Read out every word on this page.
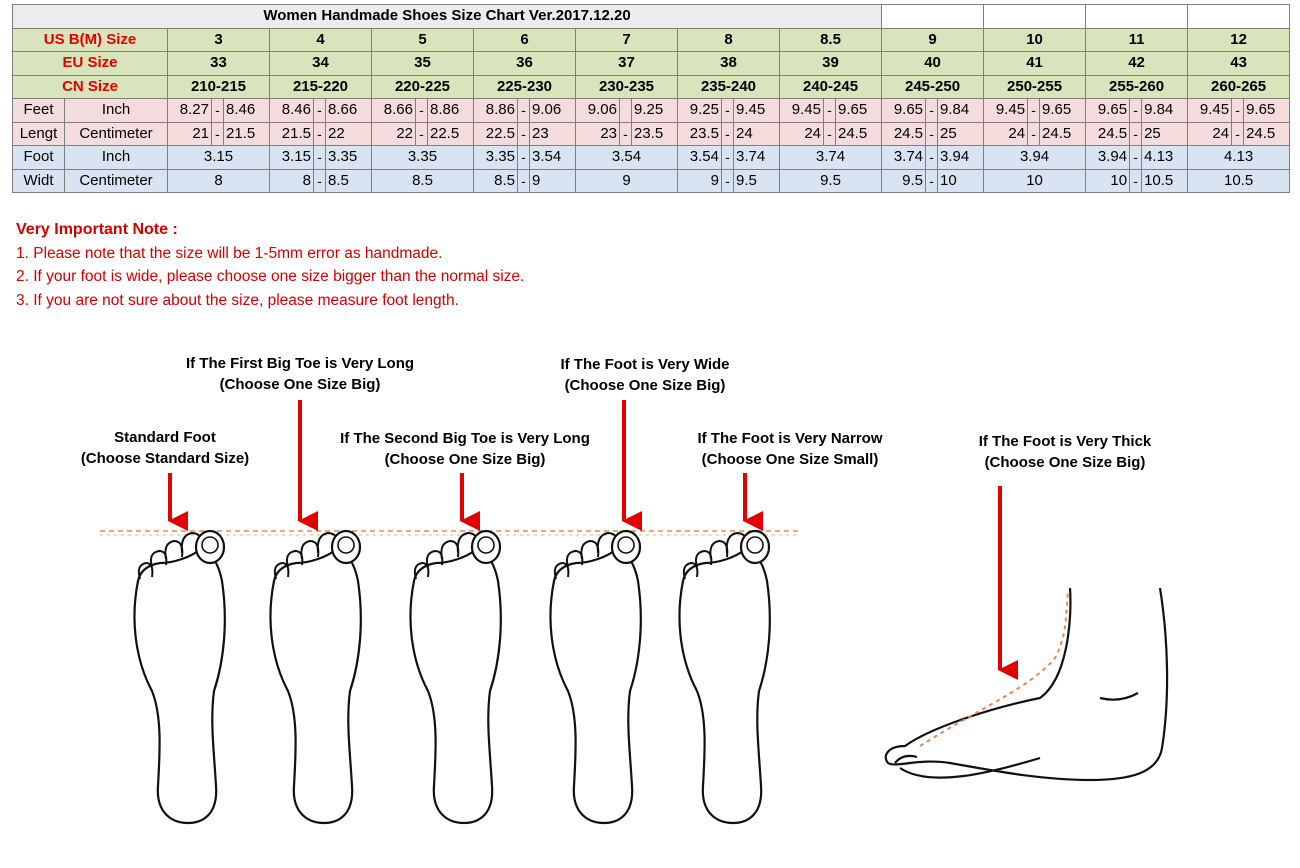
Women Handmade Shoes Size Chart Ver.2017.12.20																																		
US B(M) Size		3			4			5			6			7			8			8.5			9			10			11			12		
EU Size		33			34			35			36			37			38			39			40			41			42			43		
CN Size		210-215			215-220			220-225			225-230			230-235			235-240			240-245			245-250			250-255			255-260			260-265		
Feet	Inch	8.27	-	8.46	8.46	-	8.66	8.66	-	8.86	8.86	-	9.06	9.06		9.25	9.25	-	9.45	9.45	-	9.65	9.65	-	9.84	9.45	-	9.65	9.65	-	9.84	9.45	-	9.65
Lengt	Centimeter	21	-	21.5	21.5	-	22	22	-	22.5	22.5	-	23	23	-	23.5	23.5	-	24	24	-	24.5	24.5	-	25	24	-	24.5	24.5	-	25	24	-	24.5
Foot	Inch	3.15			3.15	-	3.35	3.35			3.35	-	3.54	3.54			3.54	-	3.74	3.74			3.74	-	3.94	3.94			3.94	-	4.13	4.13		
Widt	Centimeter	8			8	-	8.5	8.5			8.5	-	9	9			9	-	9.5	9.5			9.5	-	10	10			10	-	10.5	10.5		
Very Important Note :
1. Please note that the size will be 1-5mm error as handmade.
2. If your foot is wide, please choose one size bigger than the normal size.
3. If you are not sure about the size, please measure foot length.
Standard Foot
(Choose Standard Size)
If The First Big Toe is Very Long
(Choose One Size Big)
If The Second Big Toe is Very Long
(Choose One Size Big)
If The Foot is Very Wide
(Choose One Size Big)
If The Foot is Very Narrow
(Choose One Size Small)
If The Foot is Very Thick
(Choose One Size Big)
